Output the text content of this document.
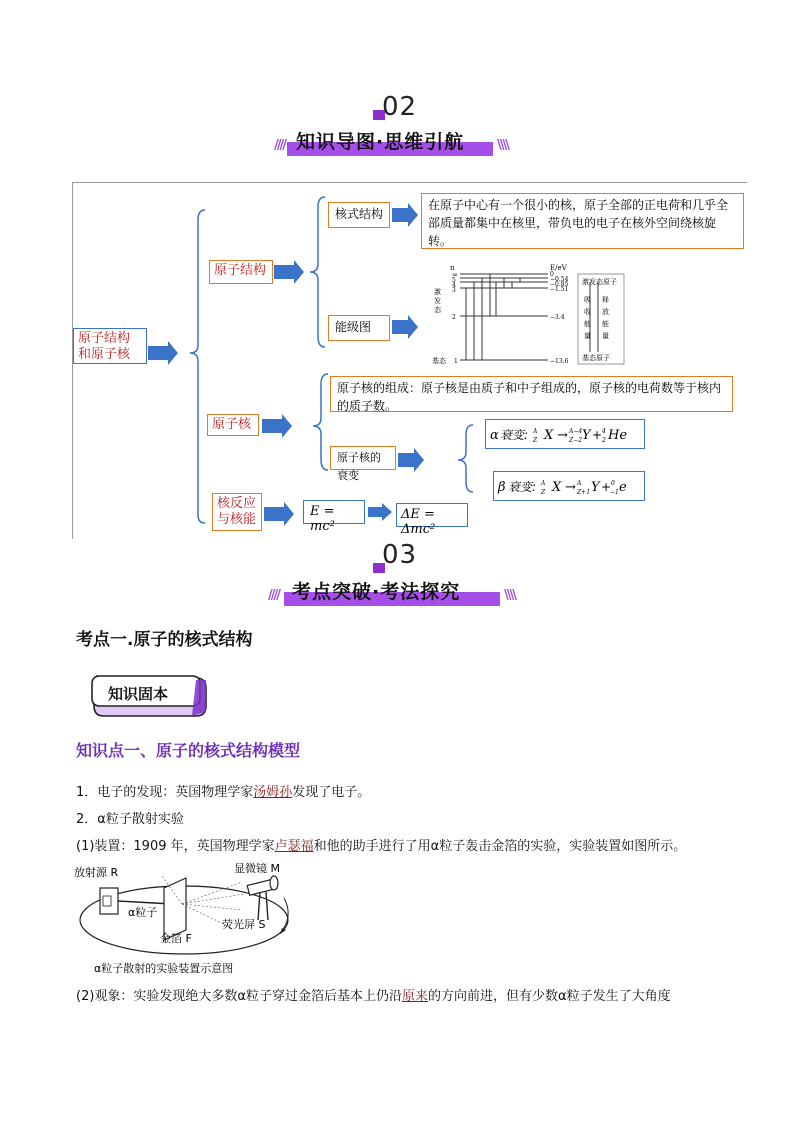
02
//// 知识导图·思维引航	\\\\
原子结构和原子核
原子结构
核式结构
在原子中心有一个很小的核，原子全部的正电荷和几乎全部质量都集中在核里，带负电的电子在核外空间绕核旋转。
能级图
n	E/eV
∞
5
4
3
2
1
0
−0.54
−0.85
−1.51
−3.4
−13.6
激
发
态
基态
激发态原子
吸
收
能
量
释
放
能
量
基态原子
原子核
原子核的组成：原子核是由质子和中子组成的，原子核的电荷数等于核内的质子数。
原子核的衰变
α 衰变: A
Z X → A−4
Z−2 Y + 4
2 He
β 衰变: A
Z X → A
Z+1 Y + 0
−1 e
核反应与核能
E = mc²
ΔE = Δmc²
03
//// 考点突破·考法探究	\\\\
考点一.原子的核式结构
知识固本
知识点一、原子的核式结构模型
1．电子的发现：英国物理学家汤姆孙发现了电子。
2．α粒子散射实验
(1)装置：1909 年，英国物理学家卢瑟福和他的助手进行了用α粒子轰击金箔的实验，实验装置如图所示。
放射源 R	显微镜 M
α粒子
荧光屏 S
金箔 F
α粒子散射的实验装置示意图
(2)观象：实验发现绝大多数α粒子穿过金箔后基本上仍沿原来的方向前进，但有少数α粒子发生了大角度
